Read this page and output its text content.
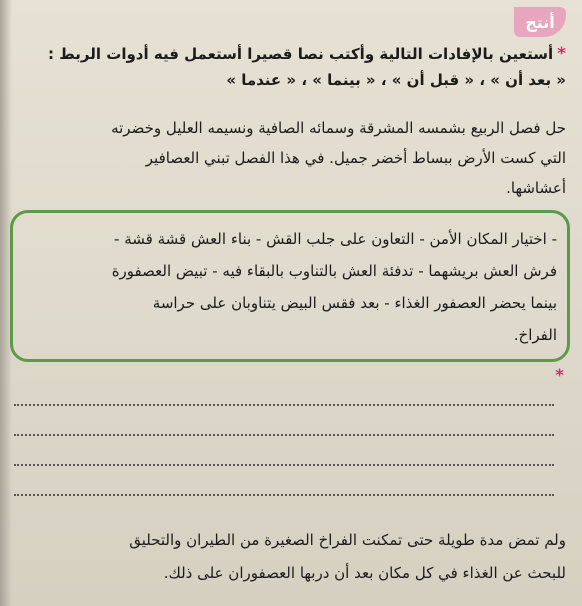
أنتج
*أستعين بالإفادات التالية وأكتب نصا قصيرا أستعمل فيه أدوات الربط :
« بعد أن » ، « قبل أن » ، « بينما » ، « عندما »
حل فصل الربيع بشمسه المشرقة وسمائه الصافية ونسيمه العليل وخضرته
التي كست الأرض ببساط أخضر جميل. في هذا الفصل تبني العصافير
أعشاشها.
- اختيار المكان الأمن - التعاون على جلب القش - بناء العش قشة قشة -
فرش العش بريشهما - تدفئة العش بالتناوب بالبقاء فيه - تبيض العصفورة
بينما يحضر العصفور الغذاء - بعد فقس البيض يتناوبان على حراسة
الفراخ.
*
ولم تمض مدة طويلة حتى تمكنت الفراخ الصغيرة من الطيران والتحليق
للبحث عن الغذاء في كل مكان بعد أن دربها العصفوران على ذلك.
